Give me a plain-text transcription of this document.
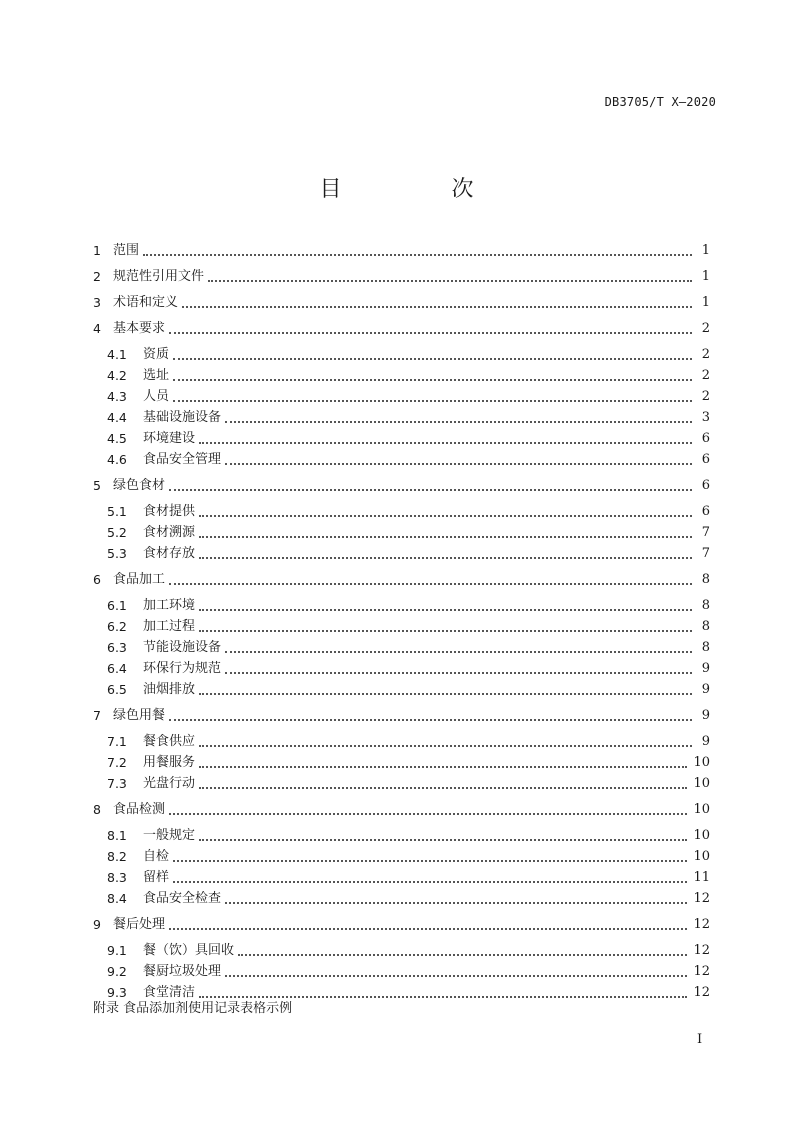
DB3705/T X—2020
目　次
1 范围	1
2 规范性引用文件	1
3 术语和定义	1
4 基本要求	2
4.1	资质	2
4.2	选址	2
4.3	人员	2
4.4	基础设施设备	3
4.5	环境建设	6
4.6	食品安全管理	6
5 绿色食材	6
5.1	食材提供	6
5.2	食材溯源	7
5.3	食材存放	7
6 食品加工	8
6.1	加工环境	8
6.2	加工过程	8
6.3	节能设施设备	8
6.4	环保行为规范	9
6.5	油烟排放	9
7 绿色用餐	9
7.1	餐食供应	9
7.2	用餐服务	10
7.3	光盘行动	10
8 食品检测	10
8.1	一般规定	10
8.2	自检	10
8.3	留样	11
8.4	食品安全检查	12
9 餐后处理	12
9.1	餐（饮）具回收	12
9.2	餐厨垃圾处理	12
9.3	食堂清洁	12
附录 食品添加剂使用记录表格示例
I
